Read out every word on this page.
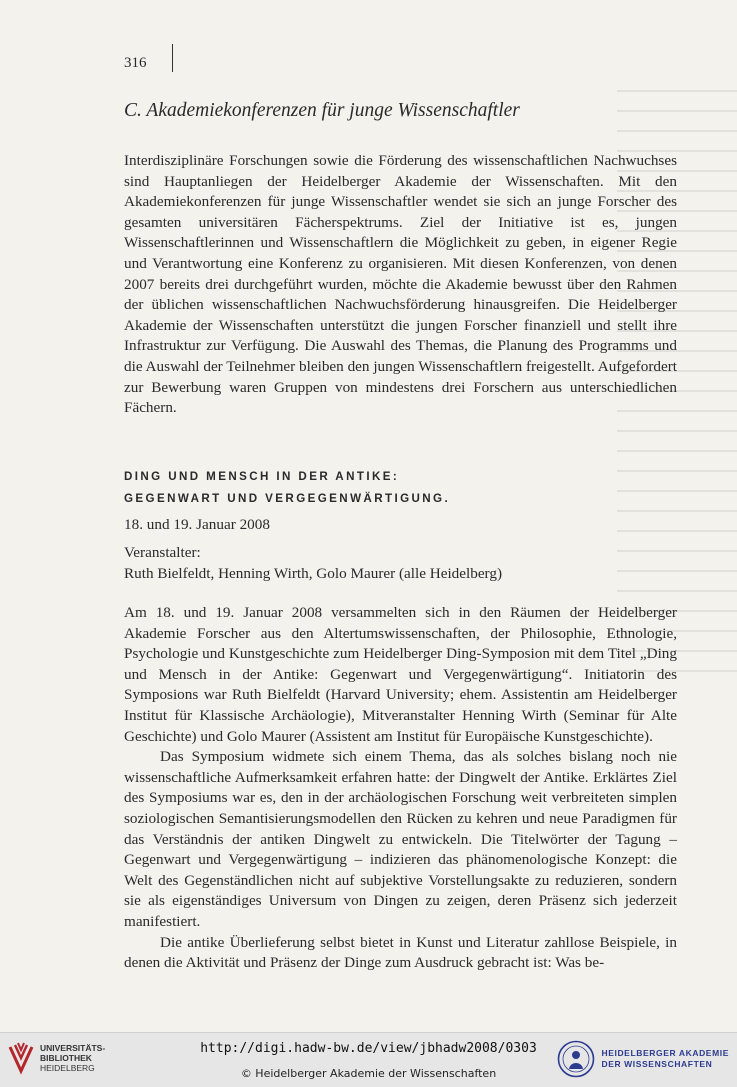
316
C. Akademiekonferenzen für junge Wissenschaftler

Interdisziplinäre Forschungen sowie die Förderung des wissenschaftlichen Nachwuchses sind Hauptanliegen der Heidelberger Akademie der Wissenschaften. Mit den Akademiekonferenzen für junge Wissenschaftler wendet sie sich an junge Forscher des gesamten universitären Fächerspektrums. Ziel der Initiative ist es, jungen Wissenschaftlerinnen und Wissenschaftlern die Möglichkeit zu geben, in eigener Regie und Verantwortung eine Konferenz zu organisieren. Mit diesen Konferenzen, von denen 2007 bereits drei durchgeführt wurden, möchte die Akademie bewusst über den Rahmen der üblichen wissenschaftlichen Nachwuchsförderung hinausgreifen. Die Heidelberger Akademie der Wissenschaften unterstützt die jungen Forscher finanziell und stellt ihre Infrastruktur zur Verfügung. Die Auswahl des Themas, die Planung des Programms und die Auswahl der Teilnehmer bleiben den jungen Wissenschaftlern freigestellt. Aufgefordert zur Bewerbung waren Gruppen von mindestens drei Forschern aus unterschiedlichen Fächern.

DING UND MENSCH IN DER ANTIKE:
GEGENWART UND VERGEGENWÄRTIGUNG.

18. und 19. Januar 2008

Veranstalter:

Ruth Bielfeldt, Henning Wirth, Golo Maurer (alle Heidelberg)

Am 18. und 19. Januar 2008 versammelten sich in den Räumen der Heidelberger Akademie Forscher aus den Altertumswissenschaften, der Philosophie, Ethnologie, Psychologie und Kunstgeschichte zum Heidelberger Ding-Symposion mit dem Titel „Ding und Mensch in der Antike: Gegenwart und Vergegenwärtigung“. Initiatorin des Symposions war Ruth Bielfeldt (Harvard University; ehem. Assistentin am Heidelberger Institut für Klassische Archäologie), Mitveranstalter Henning Wirth (Seminar für Alte Geschichte) und Golo Maurer (Assistent am Institut für Europäische Kunstgeschichte).

Das Symposium widmete sich einem Thema, das als solches bislang noch nie wissenschaftliche Aufmerksamkeit erfahren hatte: der Dingwelt der Antike. Erklärtes Ziel des Symposiums war es, den in der archäologischen Forschung weit verbreiteten simplen soziologischen Semantisierungsmodellen den Rücken zu kehren und neue Paradigmen für das Verständnis der antiken Dingwelt zu entwickeln. Die Titelwörter der Tagung – Gegenwart und Vergegenwärtigung – indizieren das phänomenologische Konzept: die Welt des Gegenständlichen nicht auf subjektive Vorstellungsakte zu reduzieren, sondern sie als eigenständiges Universum von Dingen zu zeigen, deren Präsenz sich jederzeit manifestiert.

Die antike Überlieferung selbst bietet in Kunst und Literatur zahllose Beispiele, in denen die Aktivität und Präsenz der Dinge zum Ausdruck gebracht ist: Was be-

UNIVERSITÄTS-
BIBLIOTHEK
HEIDELBERG
http://digi.hadw-bw.de/view/jbhadw2008/0303
© Heidelberger Akademie der Wissenschaften
HEIDELBERGER AKADEMIE
DER WISSENSCHAFTEN
